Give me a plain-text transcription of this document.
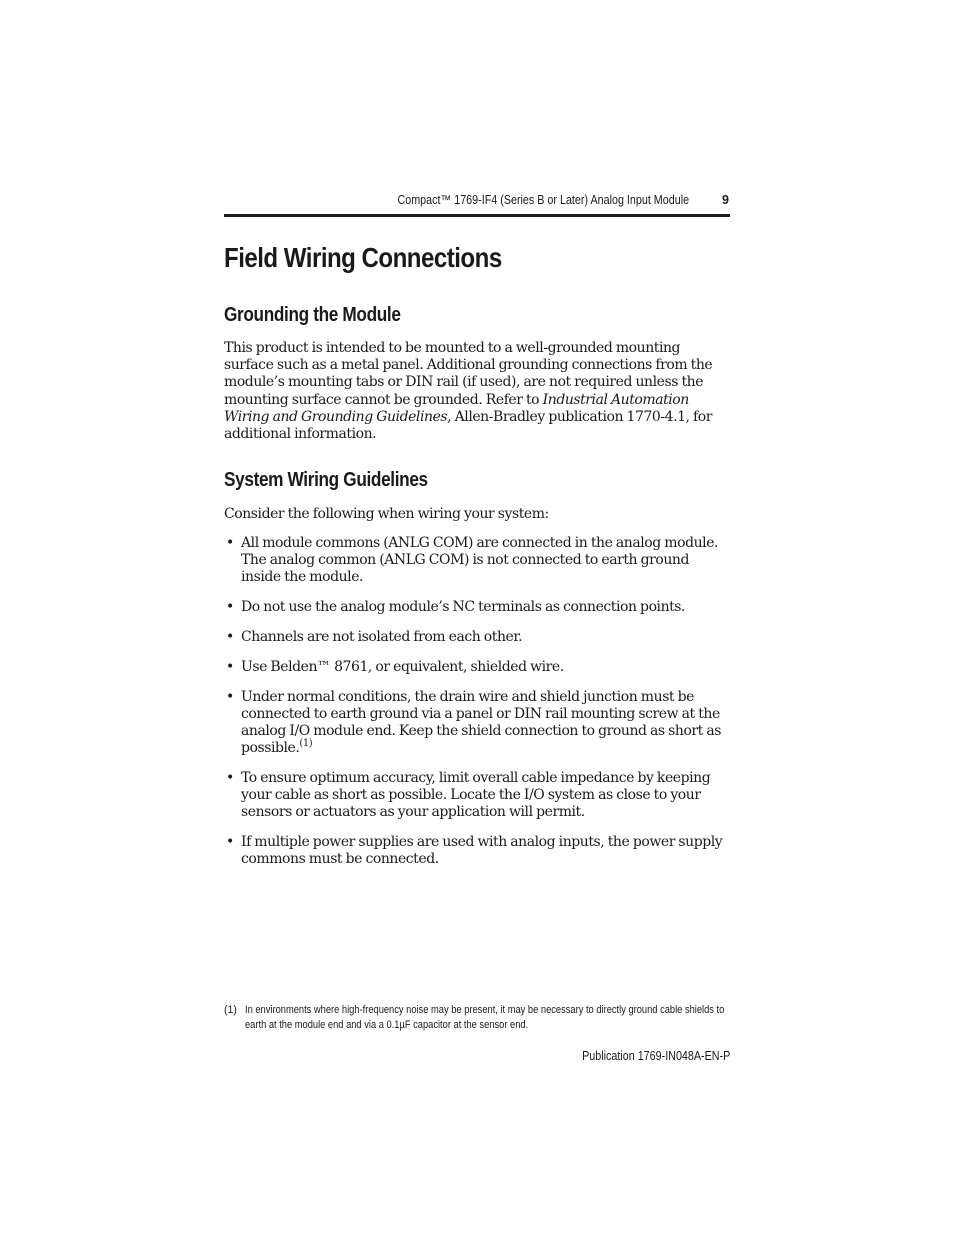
Compact™ 1769-IF4 (Series B or Later) Analog Input Module	9
Field Wiring Connections
Grounding the Module

This product is intended to be mounted to a well-grounded mounting surface such as a metal panel. Additional grounding connections from the module’s mounting tabs or DIN rail (if used), are not required unless the mounting surface cannot be grounded. Refer to Industrial Automation Wiring and Grounding Guidelines, Allen-Bradley publication 1770-4.1, for additional information.

System Wiring Guidelines

Consider the following when wiring your system:

• All module commons (ANLG COM) are connected in the analog module. The analog common (ANLG COM) is not connected to earth ground inside the module.
• Do not use the analog module’s NC terminals as connection points.
• Channels are not isolated from each other.
• Use Belden™ 8761, or equivalent, shielded wire.
• Under normal conditions, the drain wire and shield junction must be connected to earth ground via a panel or DIN rail mounting screw at the analog I/O module end. Keep the shield connection to ground as short as possible.$^{(1)}$
• To ensure optimum accuracy, limit overall cable impedance by keeping your cable as short as possible. Locate the I/O system as close to your sensors or actuators as your application will permit.
• If multiple power supplies are used with analog inputs, the power supply commons must be connected.
(1) In environments where high-frequency noise may be present, it may be necessary to directly ground cable shields to earth at the module end and via a 0.1µF capacitor at the sensor end.
Publication 1769-IN048A-EN-P
